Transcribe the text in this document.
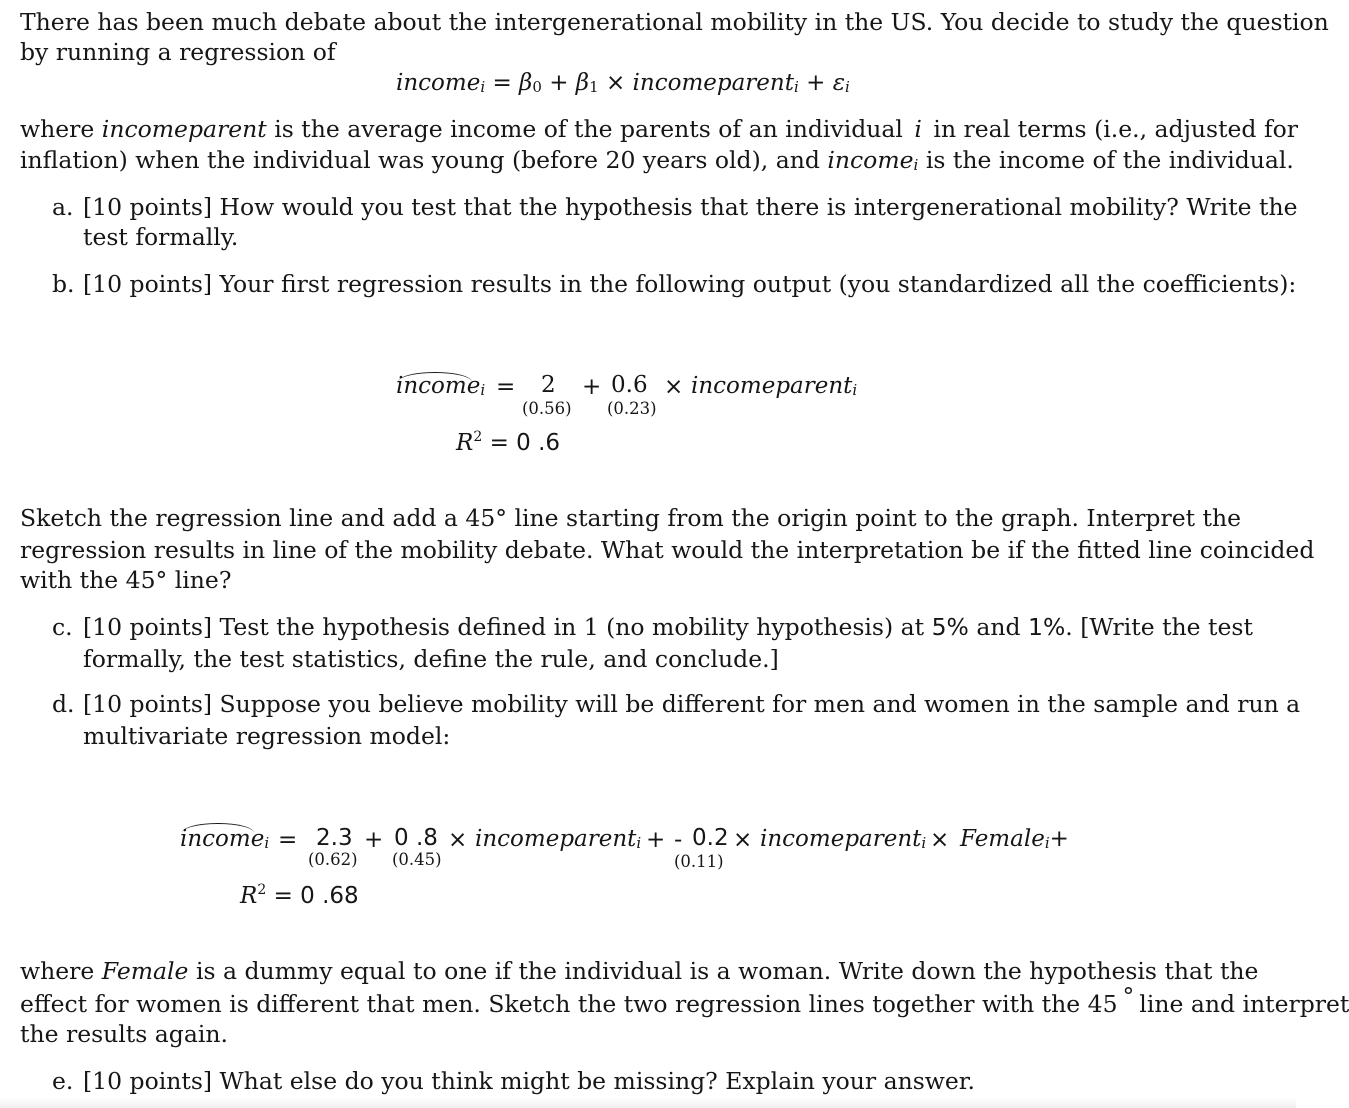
There has been much debate about the intergenerational mobility in the US. You decide to study the question
by running a regression of
incomei = β0 + β1 × incomeparenti + εi
where incomeparent is the average income of the parents of an individual i in real terms (i.e., adjusted for
inflation) when the individual was young (before 20 years old), and incomei is the income of the individual.
a. [10 points] How would you test that the hypothesis that there is intergenerational mobility? Write the
test formally.
b. [10 points] Your first regression results in the following output (you standardized all the coefficients):
incomei = 2
(0.56)
+ 0.6
(0.23)
× incomeparenti
$R^2 = 0$ .6
Sketch the regression line and add a 45° line starting from the origin point to the graph. Interpret the
regression results in line of the mobility debate. What would the interpretation be if the fitted line coincided
with the 45° line?
c. [10 points] Test the hypothesis defined in 1 (no mobility hypothesis) at 5% and 1%. [Write the test
formally, the test statistics, define the rule, and conclude.]
d. [10 points] Suppose you believe mobility will be different for men and women in the sample and run a
multivariate regression model:
incomei = 2.3
(0.62)
+ 0 .8
(0.45)
× incomeparenti + - 0.2
(0.11)
× incomeparenti × Femalei+
$R^2 = 0$ .68
where Female is a dummy equal to one if the individual is a woman. Write down the hypothesis that the
effect for women is different that men. Sketch the two regression lines together with the 45 ° line and interpret
the results again.
e. [10 points] What else do you think might be missing? Explain your answer.
